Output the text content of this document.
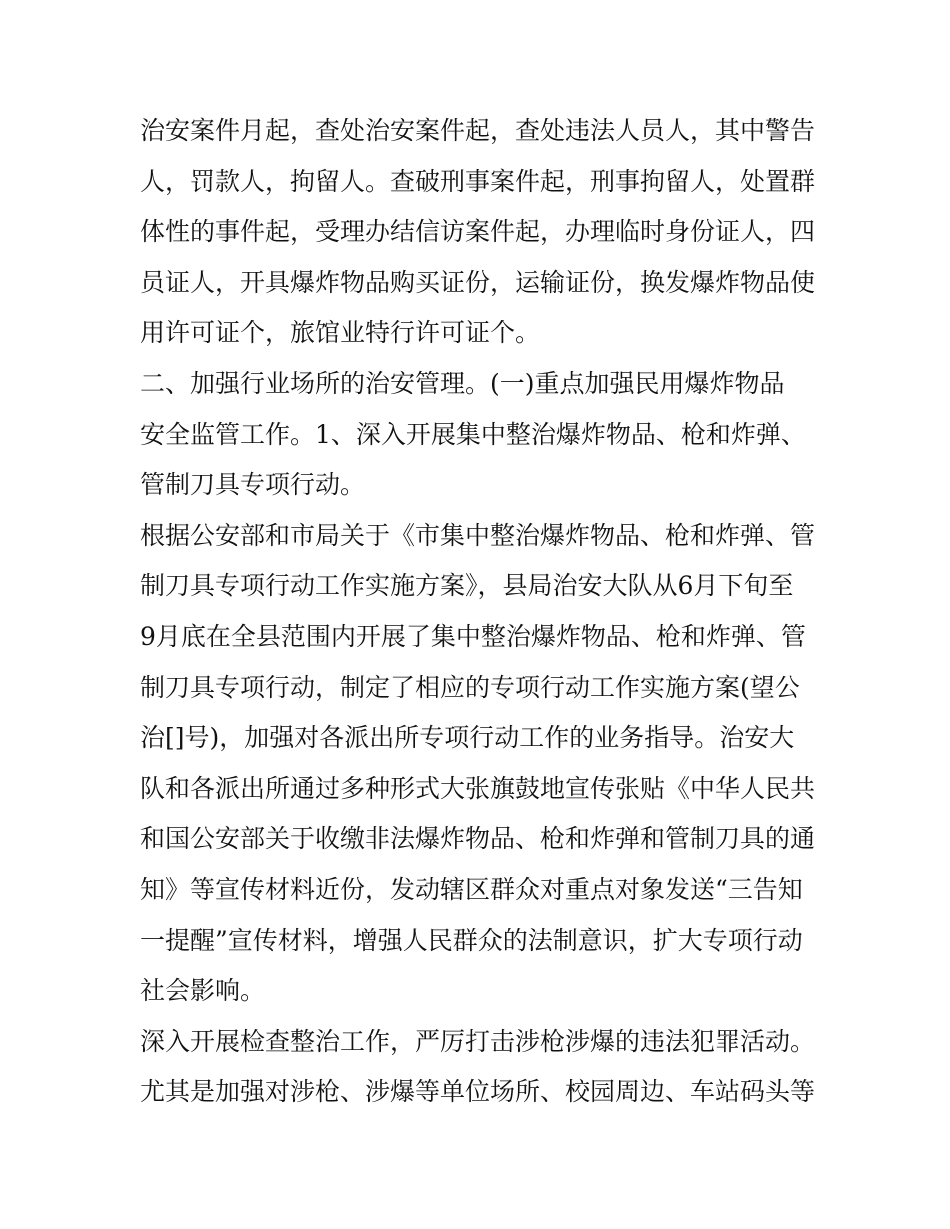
治安案件月起，查处治安案件起，查处违法人员人，其中警告
人，罚款人，拘留人。查破刑事案件起，刑事拘留人，处置群
体性的事件起，受理办结信访案件起，办理临时身份证人，四
员证人，开具爆炸物品购买证份，运输证份，换发爆炸物品使
用许可证个，旅馆业特行许可证个。
二、加强行业场所的治安管理。(一)重点加强民用爆炸物品
安全监管工作。1、深入开展集中整治爆炸物品、枪和炸弹、
管制刀具专项行动。
根据公安部和市局关于《市集中整治爆炸物品、枪和炸弹、管
制刀具专项行动工作实施方案》，县局治安大队从6月下旬至
9月底在全县范围内开展了集中整治爆炸物品、枪和炸弹、管
制刀具专项行动，制定了相应的专项行动工作实施方案(望公
治[]号)，加强对各派出所专项行动工作的业务指导。治安大
队和各派出所通过多种形式大张旗鼓地宣传张贴《中华人民共
和国公安部关于收缴非法爆炸物品、枪和炸弹和管制刀具的通
知》等宣传材料近份，发动辖区群众对重点对象发送“三告知
一提醒”宣传材料，增强人民群众的法制意识，扩大专项行动
社会影响。
深入开展检查整治工作，严厉打击涉枪涉爆的违法犯罪活动。
尤其是加强对涉枪、涉爆等单位场所、校园周边、车站码头等
